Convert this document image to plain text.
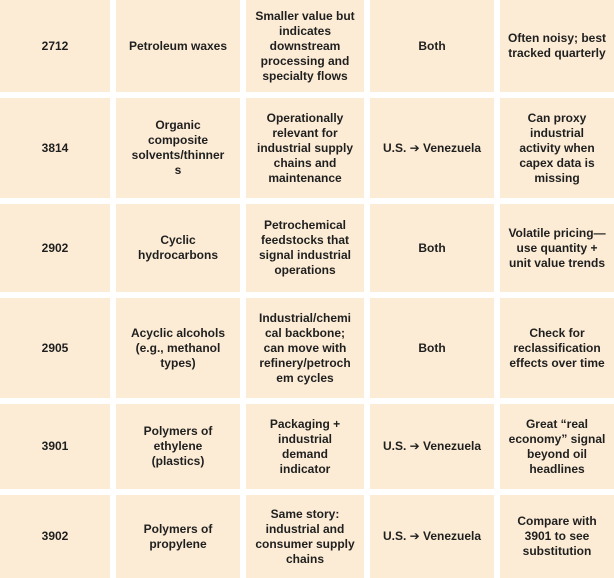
2712	Petroleum waxes
Smaller value but
indicates
downstream
processing and
specialty flows
Both
Often noisy; best
tracked quarterly
3814
Organic
composite
solvents/thinner
s
Operationally
relevant for
industrial supply
chains and
maintenance
U.S. ➔ Venezuela
Can proxy
industrial
activity when
capex data is
missing
2902
Cyclic
hydrocarbons
Petrochemical
feedstocks that
signal industrial
operations
Both
Volatile pricing—
use quantity +
unit value trends
2905
Acyclic alcohols
(e.g., methanol
types)
Industrial/chemi
cal backbone;
can move with
refinery/petroch
em cycles
Both
Check for
reclassification
effects over time
3901
Polymers of
ethylene
(plastics)
Packaging +
industrial
demand
indicator
U.S. ➔ Venezuela
Great “real
economy” signal
beyond oil
headlines
3902
Polymers of
propylene
Same story:
industrial and
consumer supply
chains
U.S. ➔ Venezuela
Compare with
3901 to see
substitution
